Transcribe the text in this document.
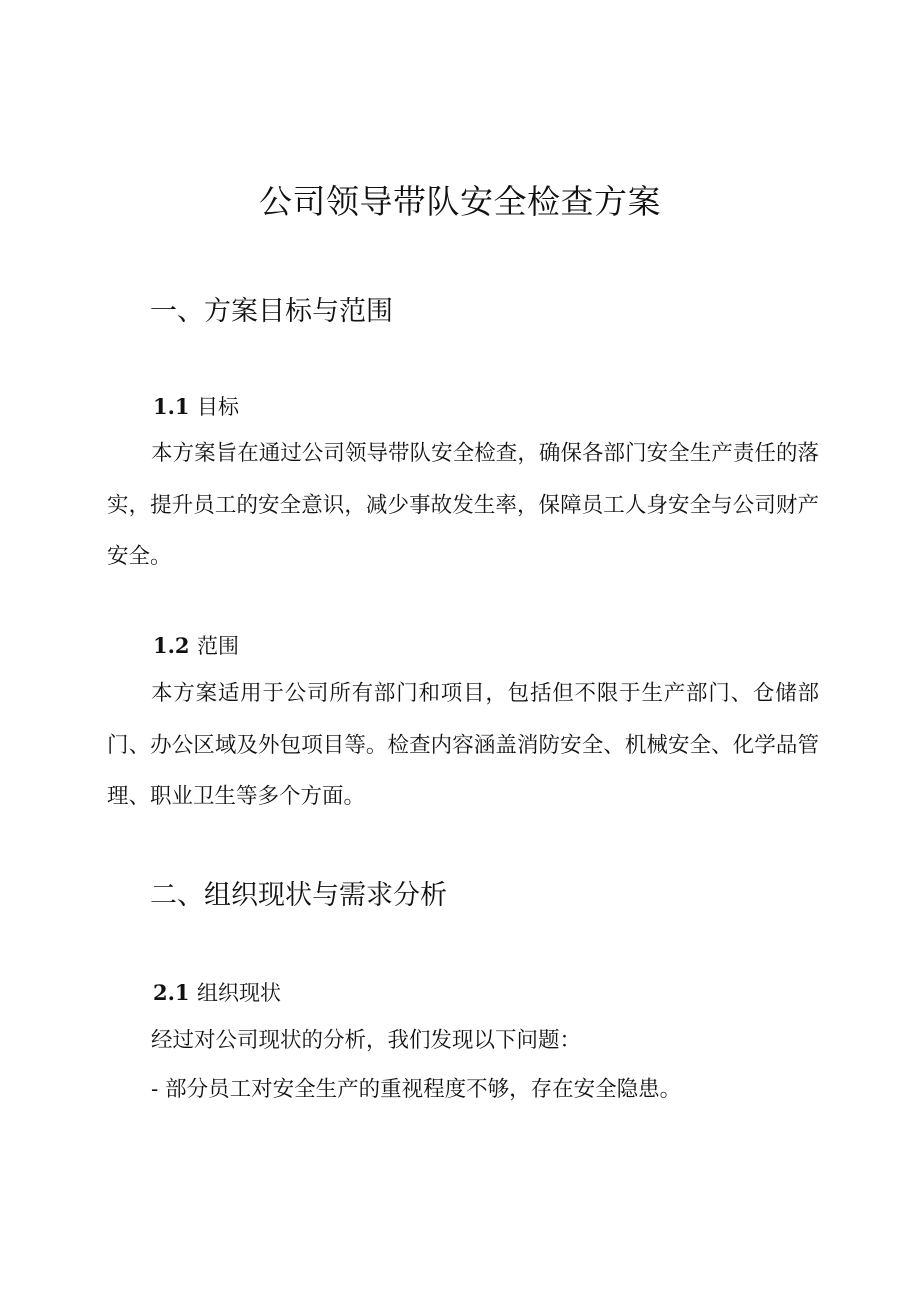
公司领导带队安全检查方案
一、方案目标与范围
1.1 目标

本方案旨在通过公司领导带队安全检查，确保各部门安全生产责任的落实，提升员工的安全意识，减少事故发生率，保障员工人身安全与公司财产安全。

1.2 范围

本方案适用于公司所有部门和项目，包括但不限于生产部门、仓储部门、办公区域及外包项目等。检查内容涵盖消防安全、机械安全、化学品管理、职业卫生等多个方面。

二、组织现状与需求分析
2.1 组织现状

经过对公司现状的分析，我们发现以下问题：

- 部分员工对安全生产的重视程度不够，存在安全隐患。
